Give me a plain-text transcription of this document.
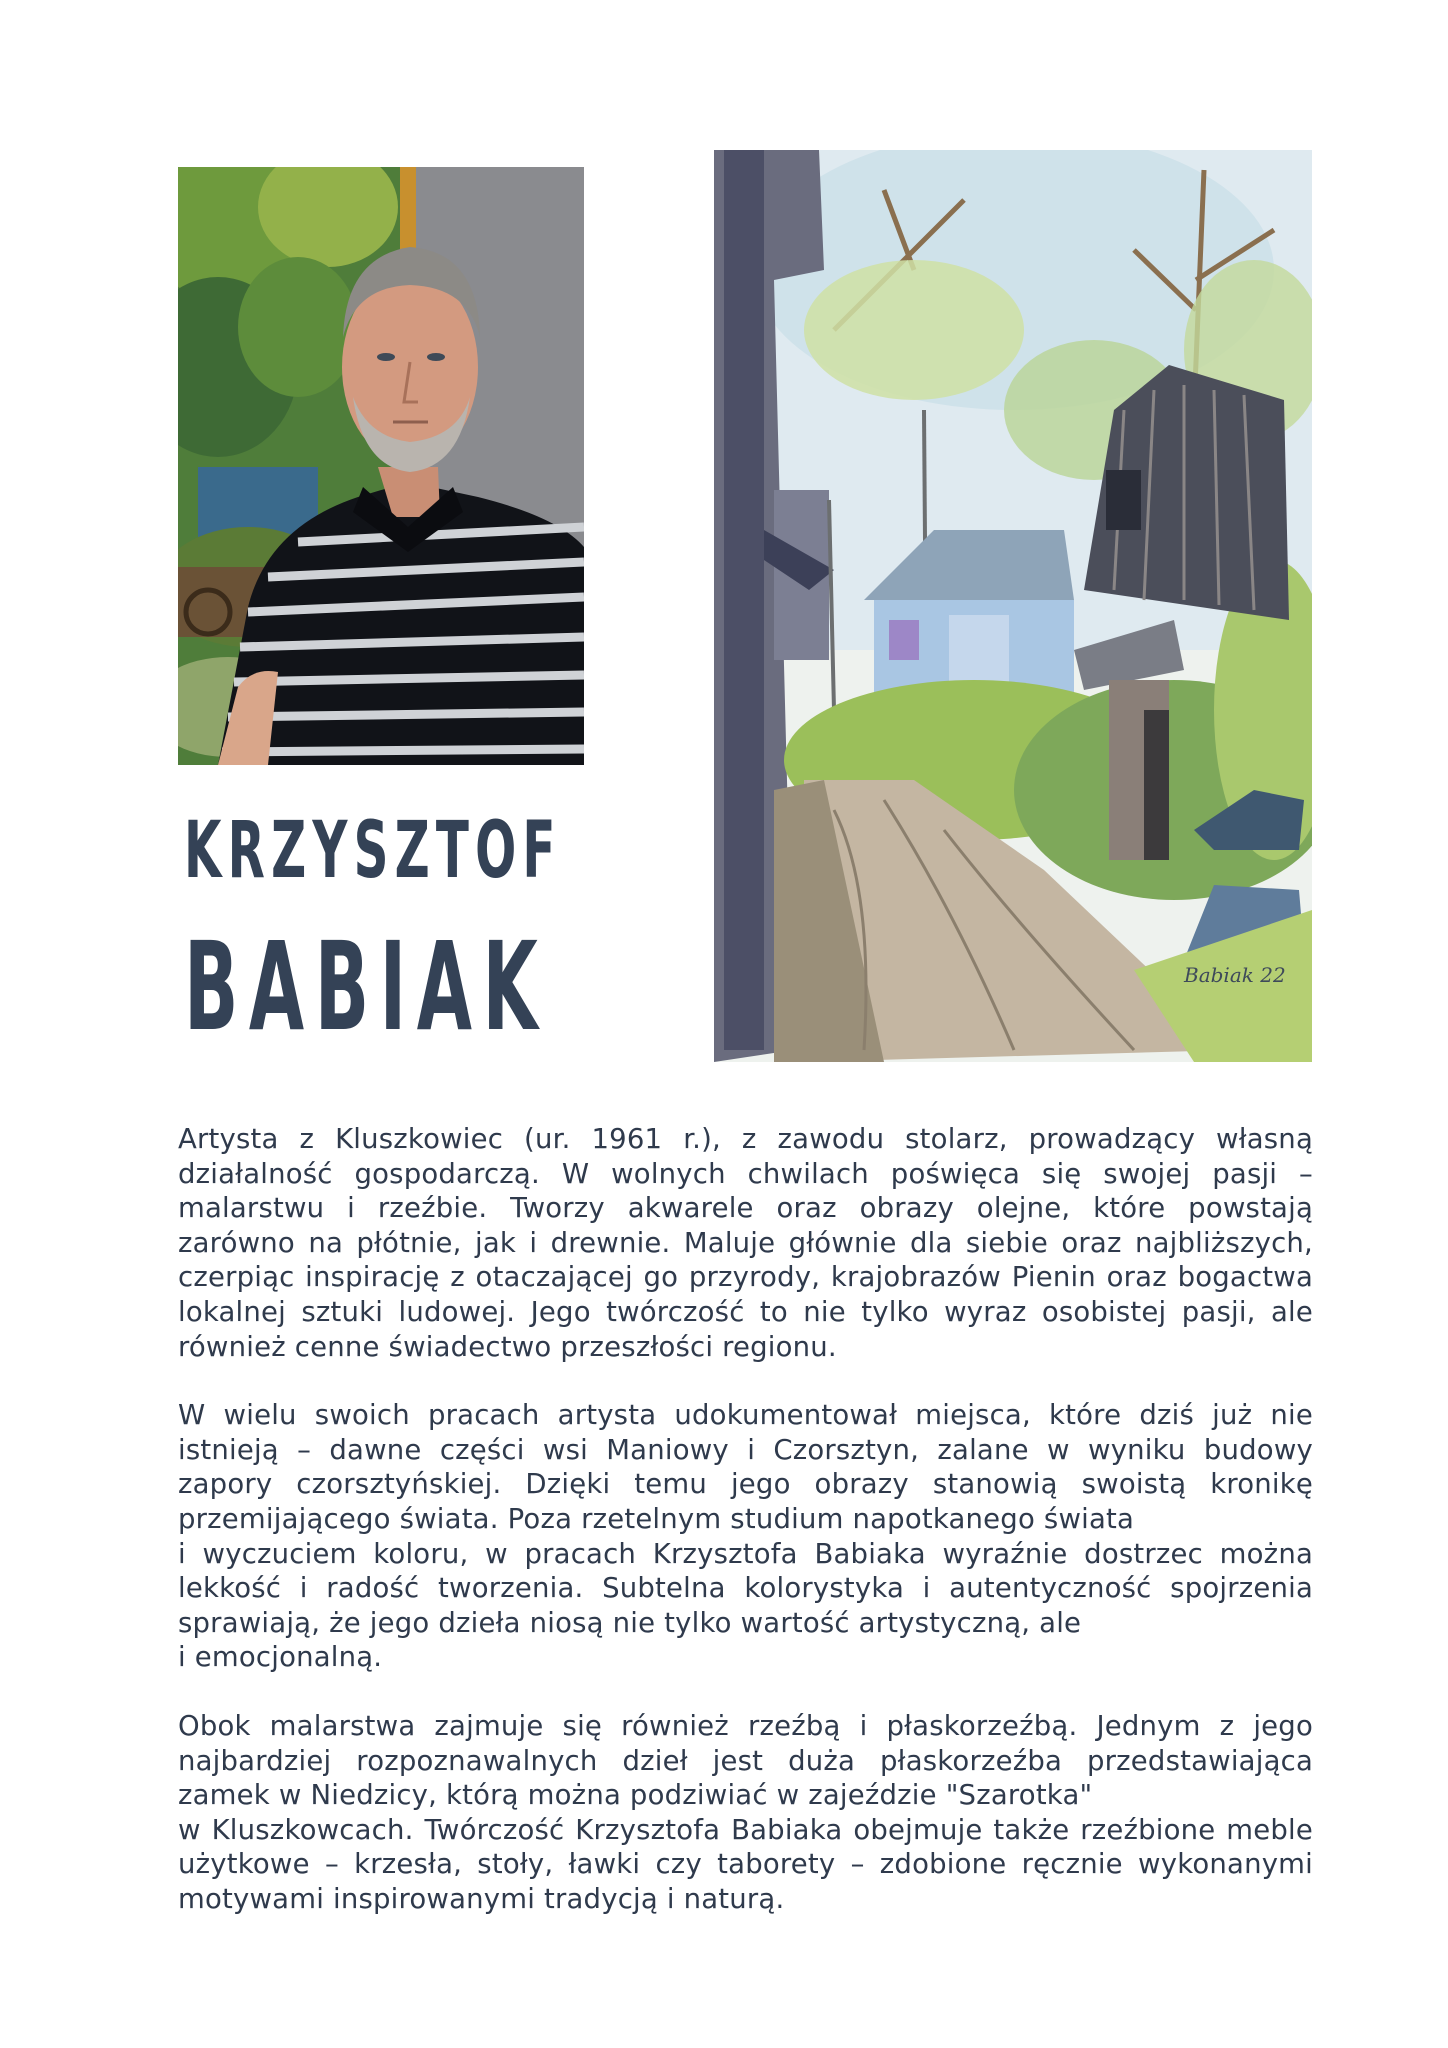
Babiak 22
KRZYSZTOF
BABIAK

Artysta z Kluszkowiec (ur. 1961 r.), z zawodu stolarz, prowadzący własną działalność gospodarczą. W wolnych chwilach poświęca się swojej pasji – malarstwu i rzeźbie. Tworzy akwarele oraz obrazy olejne, które powstają zarówno na płótnie, jak i drewnie. Maluje głównie dla siebie oraz najbliższych, czerpiąc inspirację z otaczającej go przyrody, krajobrazów Pienin oraz bogactwa lokalnej sztuki ludowej. Jego twórczość to nie tylko wyraz osobistej pasji, ale również cenne świadectwo przeszłości regionu.

W wielu swoich pracach artysta udokumentował miejsca, które dziś już nie istnieją – dawne części wsi Maniowy i Czorsztyn, zalane w wyniku budowy zapory czorsztyńskiej. Dzięki temu jego obrazy stanowią swoistą kronikę przemijającego świata. Poza rzetelnym studium napotkanego świata
i wyczuciem koloru, w pracach Krzysztofa Babiaka wyraźnie dostrzec można lekkość i radość tworzenia. Subtelna kolorystyka i autentyczność spojrzenia sprawiają, że jego dzieła niosą nie tylko wartość artystyczną, ale
i emocjonalną.

Obok malarstwa zajmuje się również rzeźbą i płaskorzeźbą. Jednym z jego najbardziej rozpoznawalnych dzieł jest duża płaskorzeźba przedstawiająca zamek w Niedzicy, którą można podziwiać w zajeździe "Szarotka"
w Kluszkowcach. Twórczość Krzysztofa Babiaka obejmuje także rzeźbione meble użytkowe – krzesła, stoły, ławki czy taborety – zdobione ręcznie wykonanymi motywami inspirowanymi tradycją i naturą.
